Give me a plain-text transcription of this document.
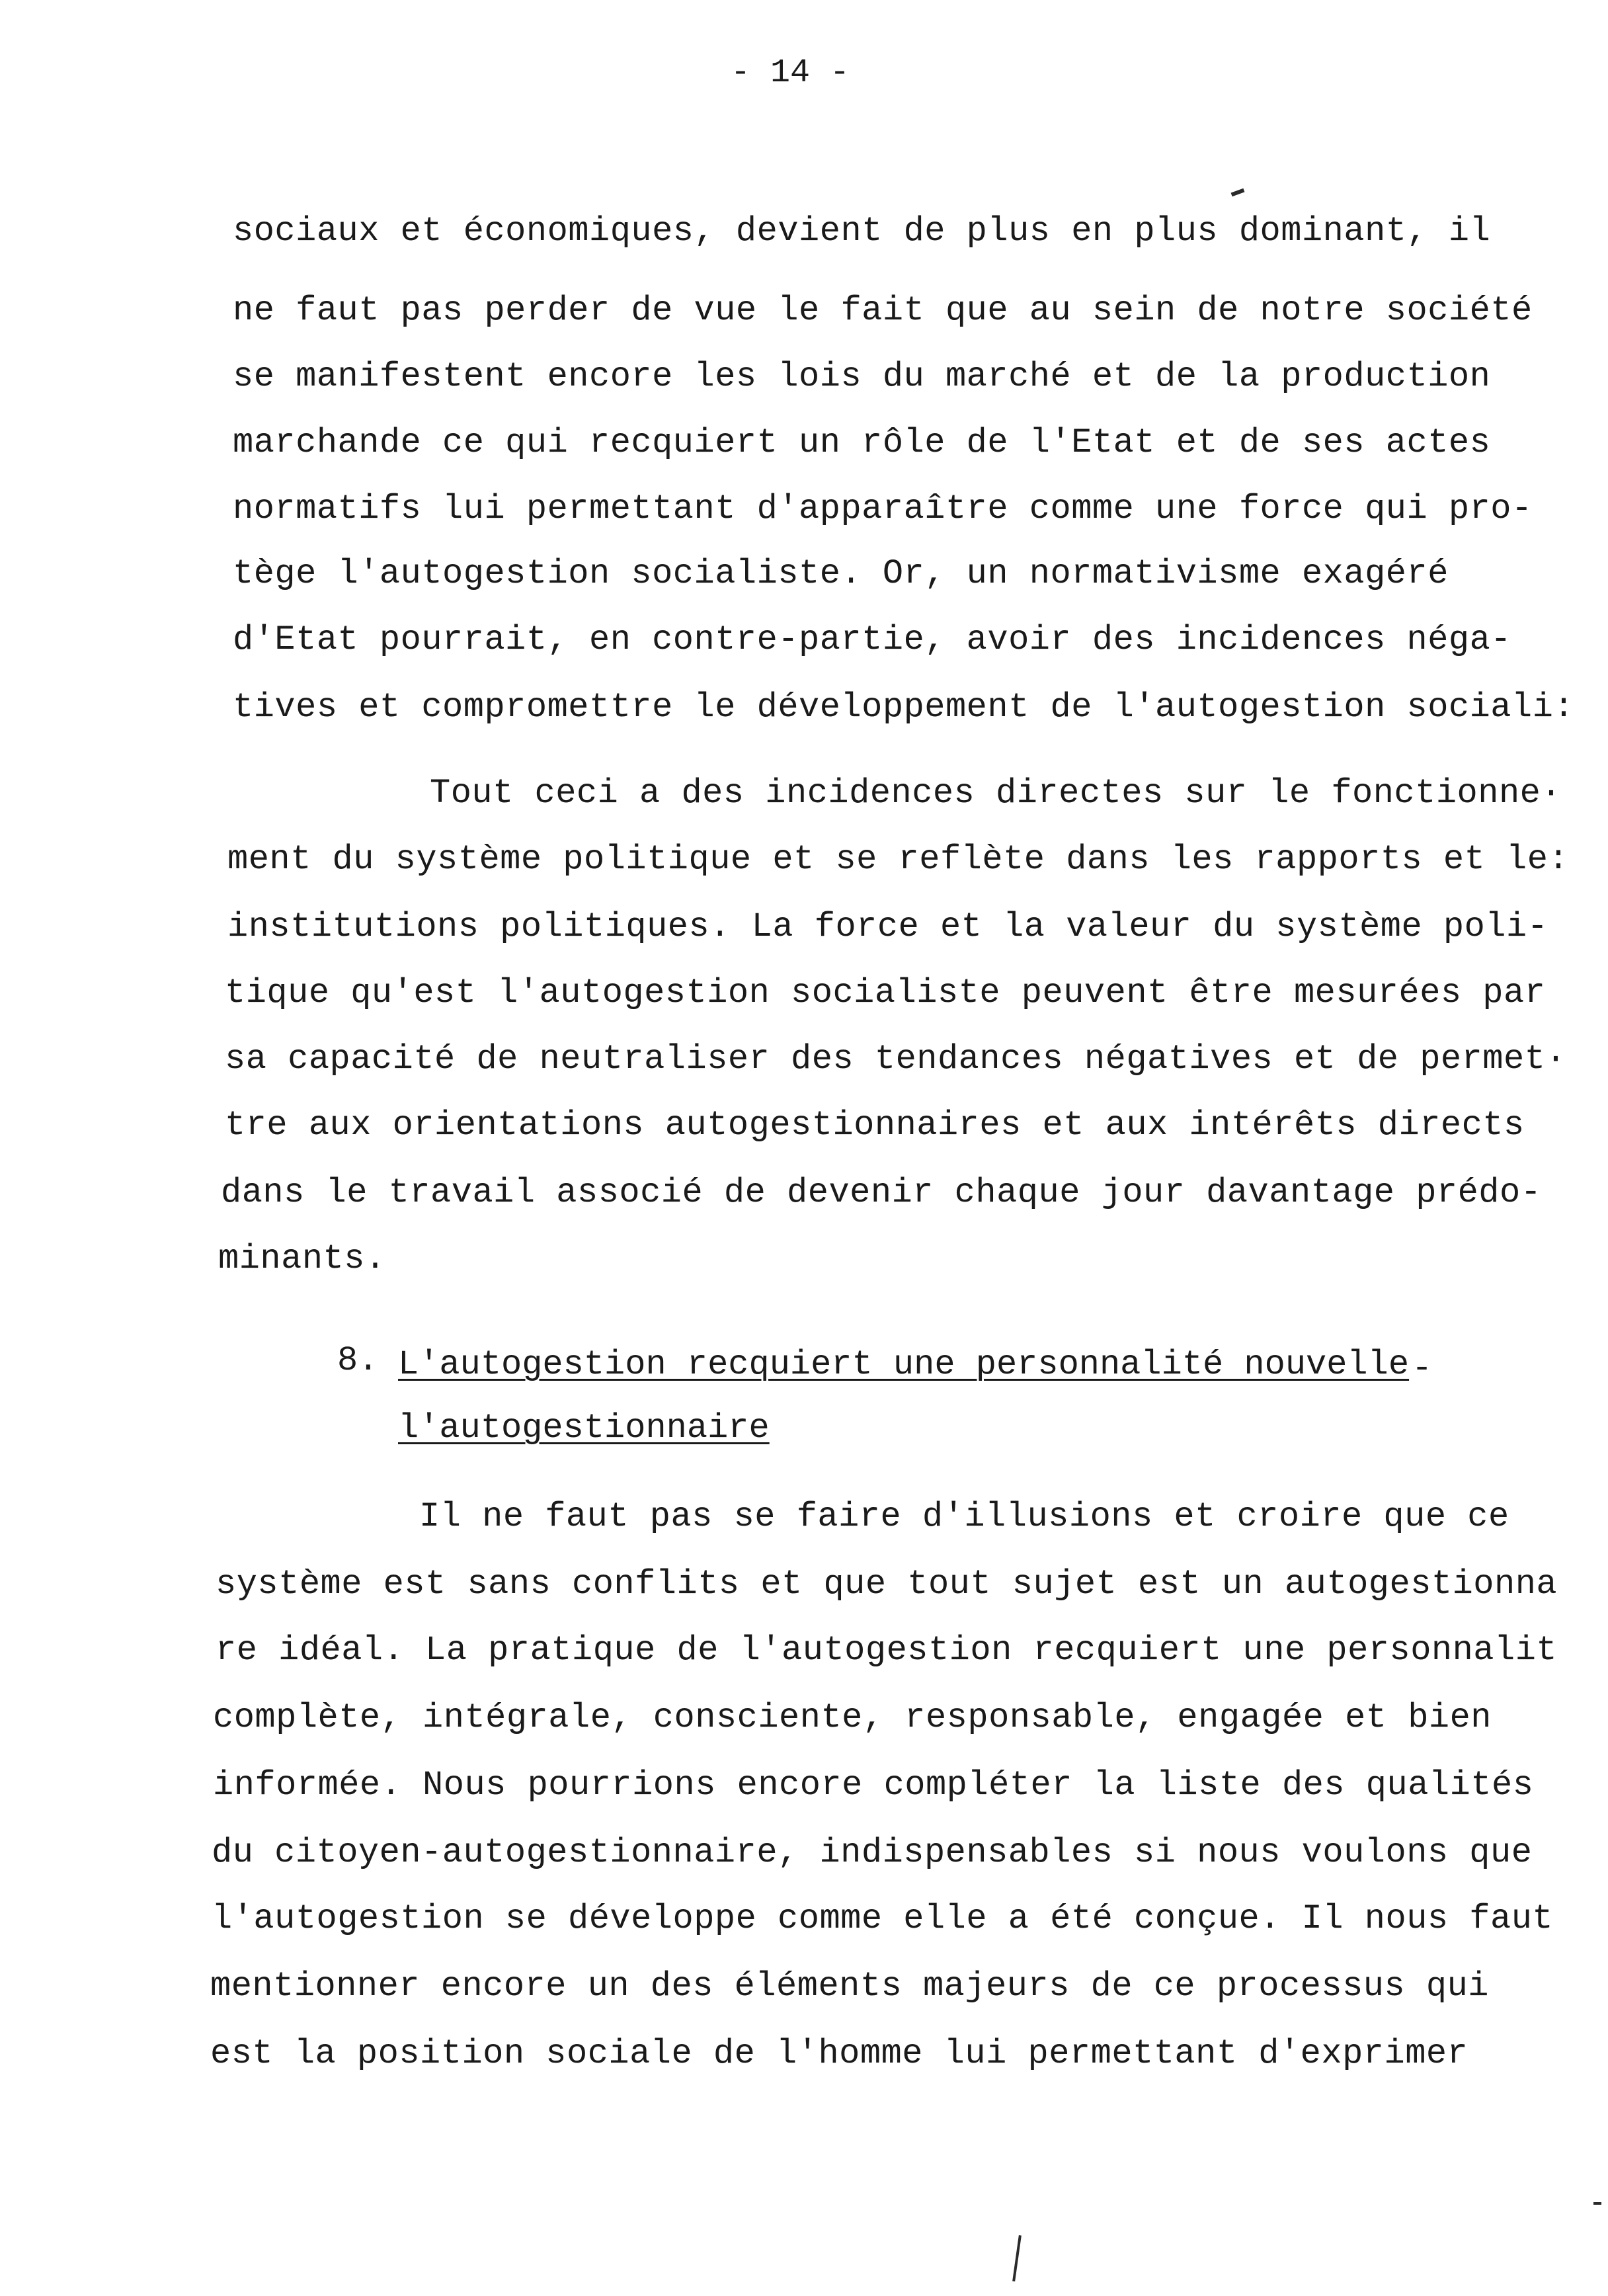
- 14 -
sociaux et économiques, devient de plus en plus dominant, il
ne faut pas perder de vue le fait que au sein de notre société
se manifestent encore les lois du marché et de la production
marchande ce qui recquiert un rôle de l'Etat et de ses actes
normatifs lui permettant d'apparaître comme une force qui pro-
tège l'autogestion socialiste. Or, un normativisme exagéré
d'Etat pourrait, en contre-partie, avoir des incidences néga-
tives et compromettre le développement de l'autogestion sociali:
Tout ceci a des incidences directes sur le fonctionne·
ment du système politique et se reflète dans les rapports et le:
institutions politiques. La force et la valeur du système poli-
tique qu'est l'autogestion socialiste peuvent être mesurées par
sa capacité de neutraliser des tendances négatives et de permet·
tre aux orientations autogestionnaires et aux intérêts directs
dans le travail associé de devenir chaque jour davantage prédo-
minants.
8. L'autogestion recquiert une personnalité nouvelle -
l'autogestionnaire
Il ne faut pas se faire d'illusions et croire que ce
système est sans conflits et que tout sujet est un autogestionna
re idéal. La pratique de l'autogestion recquiert une personnalit
complète, intégrale, consciente, responsable, engagée et bien
informée. Nous pourrions encore compléter la liste des qualités
du citoyen-autogestionnaire, indispensables si nous voulons que
l'autogestion se développe comme elle a été conçue. Il nous faut
mentionner encore un des éléments majeurs de ce processus qui
est la position sociale de l'homme lui permettant d'exprimer
